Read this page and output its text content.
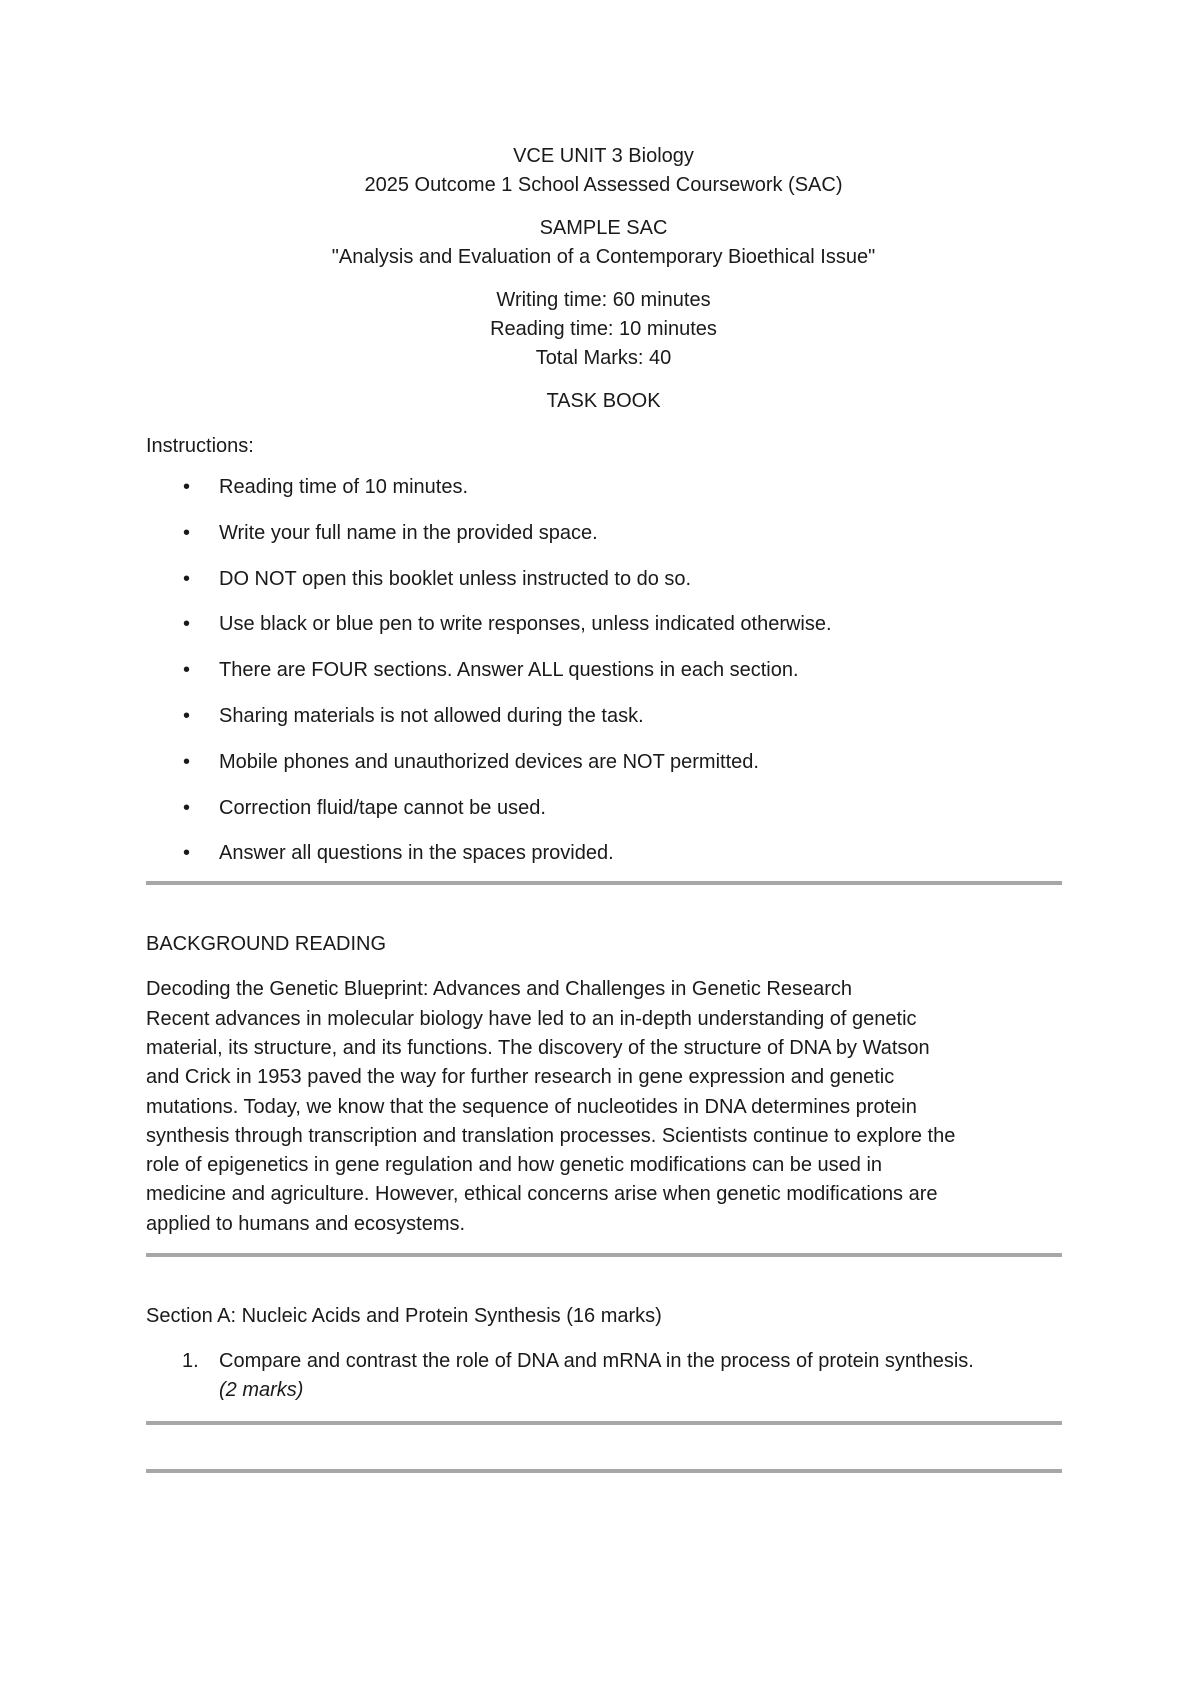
VCE UNIT 3 Biology

2025 Outcome 1 School Assessed Coursework (SAC)

SAMPLE SAC

"Analysis and Evaluation of a Contemporary Bioethical Issue"

Writing time: 60 minutes

Reading time: 10 minutes

Total Marks: 40

TASK BOOK

Instructions:

• Reading time of 10 minutes.
• Write your full name in the provided space.
• DO NOT open this booklet unless instructed to do so.
• Use black or blue pen to write responses, unless indicated otherwise.
• There are FOUR sections. Answer ALL questions in each section.
• Sharing materials is not allowed during the task.
• Mobile phones and unauthorized devices are NOT permitted.
• Correction fluid/tape cannot be used.
• Answer all questions in the spaces provided.

BACKGROUND READING

Decoding the Genetic Blueprint: Advances and Challenges in Genetic Research

Recent advances in molecular biology have led to an in-depth understanding of genetic

material, its structure, and its functions. The discovery of the structure of DNA by Watson

and Crick in 1953 paved the way for further research in gene expression and genetic

mutations. Today, we know that the sequence of nucleotides in DNA determines protein

synthesis through transcription and translation processes. Scientists continue to explore the

role of epigenetics in gene regulation and how genetic modifications can be used in

medicine and agriculture. However, ethical concerns arise when genetic modifications are

applied to humans and ecosystems.

Section A: Nucleic Acids and Protein Synthesis (16 marks)

1. Compare and contrast the role of DNA and mRNA in the process of protein synthesis.
(2 marks)
